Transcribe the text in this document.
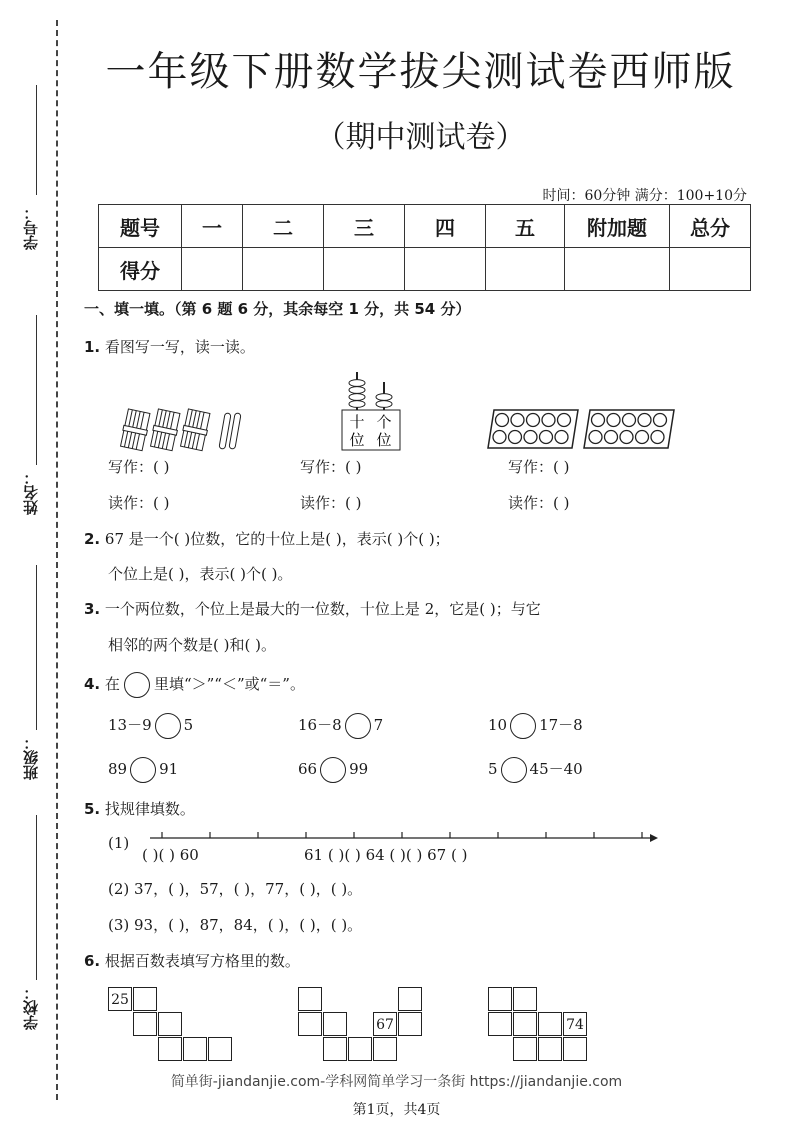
学号：
姓名：
班级：
学校：
一年级下册数学拔尖测试卷西师版
（期中测试卷）
时间：60分钟 满分：100+10分
题号	一	二	三	四	五	附加题	总分
得分							
一、填一填。（第 6 题 6 分，其余每空 1 分，共 54 分）
1. 看图写一写，读一读。
十 个
位 位
写作：( )	写作：( )	写作：( )
读作：( )	读作：( )	读作：( )
2. 67 是一个( )位数，它的十位上是( )，表示( )个( )；
个位上是( )，表示( )个( )。
3. 一个两位数，个位上是最大的一位数，十位上是 2，它是( )；与它
相邻的两个数是( )和( )。
4. 在 里填“＞”“＜”或“＝”。
13－9 5	16－8 7	10 17－8
89 91	66 99	5 45－40
5. 找规律填数。
(1)
( )( ) 60	61 ( )( ) 64 ( )( ) 67 ( )
(2) 37，( )，57，( )，77，( )，( )。
(3) 93，( )，87，84，( )，( )，( )。
6. 根据百数表填写方格里的数。
25
67	74
简单街-jiandanjie.com-学科网简单学习一条街 https://jiandanjie.com
第1页，共4页
